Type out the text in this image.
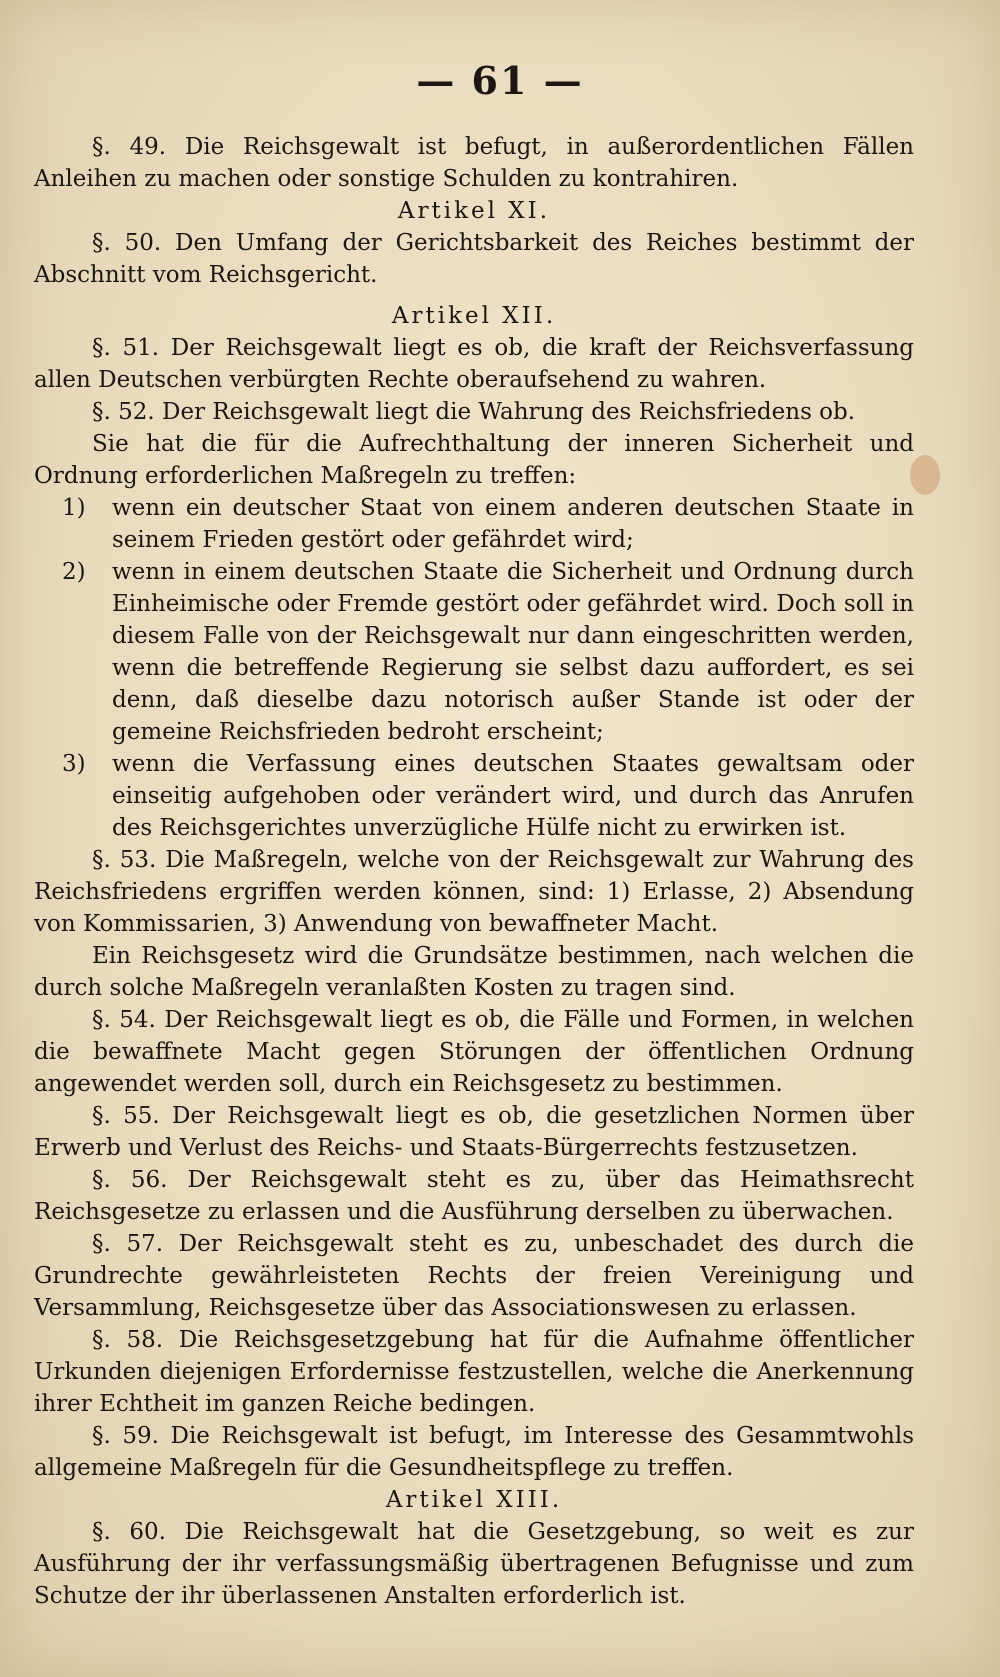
— 61 —

§. 49. Die Reichsgewalt ist befugt, in außerordentlichen Fällen Anleihen zu machen oder sonstige Schulden zu kontrahiren.

Artikel XI.

§. 50. Den Umfang der Gerichtsbarkeit des Reiches bestimmt der Abschnitt vom Reichsgericht.

Artikel XII.

§. 51. Der Reichsgewalt liegt es ob, die kraft der Reichsverfassung allen Deutschen verbürgten Rechte oberaufsehend zu wahren.

§. 52. Der Reichsgewalt liegt die Wahrung des Reichsfriedens ob.

Sie hat die für die Aufrechthaltung der inneren Sicherheit und Ordnung erforderlichen Maßregeln zu treffen:

1) wenn ein deutscher Staat von einem anderen deutschen Staate in seinem Frieden gestört oder gefährdet wird;
2) wenn in einem deutschen Staate die Sicherheit und Ordnung durch Einheimische oder Fremde gestört oder gefährdet wird. Doch soll in diesem Falle von der Reichsgewalt nur dann eingeschritten werden, wenn die betreffende Regierung sie selbst dazu auffordert, es sei denn, daß dieselbe dazu notorisch außer Stande ist oder der gemeine Reichsfrieden bedroht erscheint;
3) wenn die Verfassung eines deutschen Staates gewaltsam oder einseitig aufgehoben oder verändert wird, und durch das Anrufen des Reichsgerichtes unverzügliche Hülfe nicht zu erwirken ist.

§. 53. Die Maßregeln, welche von der Reichsgewalt zur Wahrung des Reichsfriedens ergriffen werden können, sind: 1) Erlasse, 2) Absendung von Kommissarien, 3) Anwendung von bewaffneter Macht.

Ein Reichsgesetz wird die Grundsätze bestimmen, nach welchen die durch solche Maßregeln veranlaßten Kosten zu tragen sind.

§. 54. Der Reichsgewalt liegt es ob, die Fälle und Formen, in welchen die bewaffnete Macht gegen Störungen der öffentlichen Ordnung angewendet werden soll, durch ein Reichsgesetz zu bestimmen.

§. 55. Der Reichsgewalt liegt es ob, die gesetzlichen Normen über Erwerb und Verlust des Reichs- und Staats-Bürgerrechts festzusetzen.

§. 56. Der Reichsgewalt steht es zu, über das Heimathsrecht Reichsgesetze zu erlassen und die Ausführung derselben zu überwachen.

§. 57. Der Reichsgewalt steht es zu, unbeschadet des durch die Grundrechte gewährleisteten Rechts der freien Vereinigung und Versammlung, Reichsgesetze über das Associationswesen zu erlassen.

§. 58. Die Reichsgesetzgebung hat für die Aufnahme öffentlicher Urkunden diejenigen Erfordernisse festzustellen, welche die Anerkennung ihrer Echtheit im ganzen Reiche bedingen.

§. 59. Die Reichsgewalt ist befugt, im Interesse des Gesammtwohls allgemeine Maßregeln für die Gesundheitspflege zu treffen.

Artikel XIII.

§. 60. Die Reichsgewalt hat die Gesetzgebung, so weit es zur Ausführung der ihr verfassungsmäßig übertragenen Befugnisse und zum Schutze der ihr überlassenen Anstalten erforderlich ist.
